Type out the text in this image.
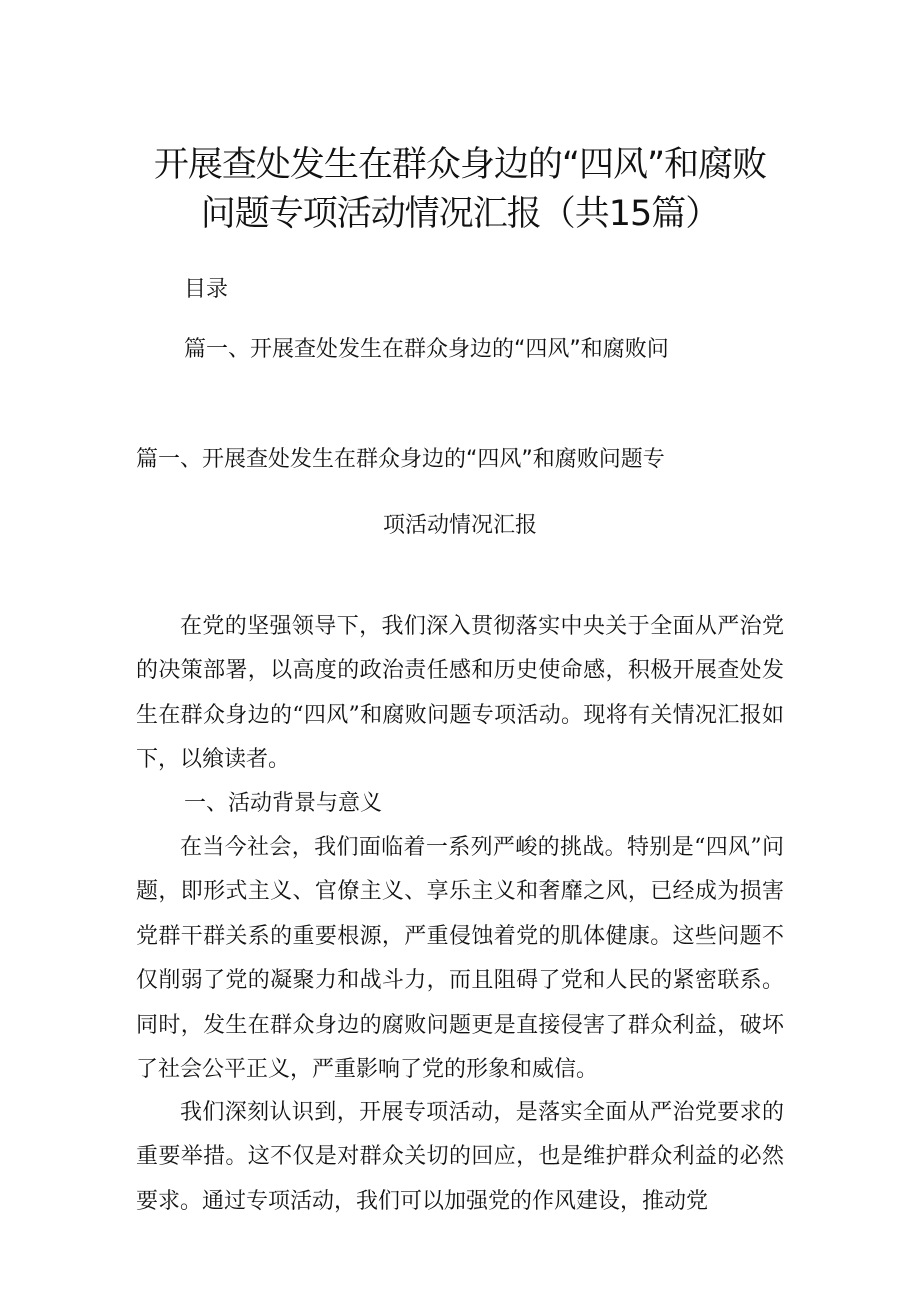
开展查处发生在群众身边的“四风”和腐败
问题专项活动情况汇报（共15篇）
目录
篇一、开展查处发生在群众身边的“四风”和腐败问
篇一、开展查处发生在群众身边的“四风”和腐败问题专
项活动情况汇报

在党的坚强领导下，我们深入贯彻落实中央关于全面从严治党的决策部署，以高度的政治责任感和历史使命感，积极开展查处发生在群众身边的“四风”和腐败问题专项活动。现将有关情况汇报如下，以飨读者。

一、活动背景与意义

在当今社会，我们面临着一系列严峻的挑战。特别是“四风”问题，即形式主义、官僚主义、享乐主义和奢靡之风，已经成为损害党群干群关系的重要根源，严重侵蚀着党的肌体健康。这些问题不仅削弱了党的凝聚力和战斗力，而且阻碍了党和人民的紧密联系。同时，发生在群众身边的腐败问题更是直接侵害了群众利益，破坏了社会公平正义，严重影响了党的形象和威信。

我们深刻认识到，开展专项活动，是落实全面从严治党要求的重要举措。这不仅是对群众关切的回应，也是维护群众利益的必然要求。通过专项活动，我们可以加强党的作风建设，推动党
